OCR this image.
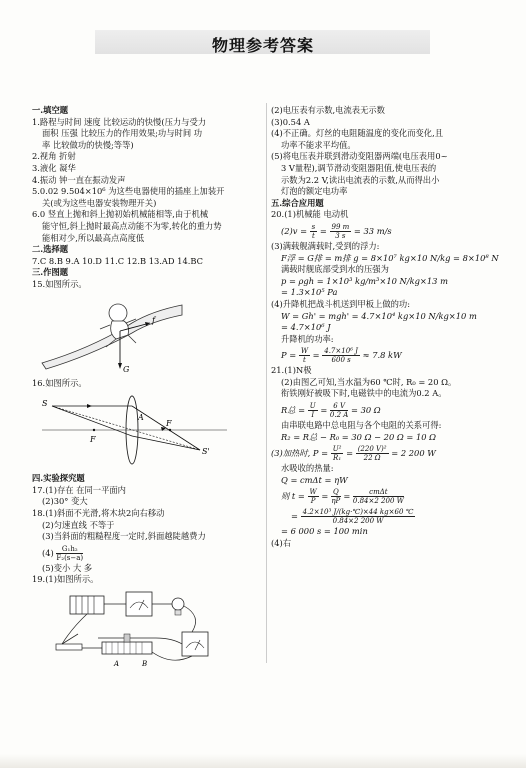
物理参考答案
一.填空题
1.路程与时间 速度 比较运动的快慢(压力与受力
面积 压强 比较压力的作用效果;功与时间 功
率 比较做功的快慢;等等)
2.视角 折射
3.液化 凝华
4.振动 钟一直在振动发声
5.0.02 9.504×10⁶ 为这些电器使用的插座上加装开
关(或为这些电器安装物理开关)
6.0 竖直上抛和斜上抛初始机械能相等,由于机械
能守恒,斜上抛时最高点动能不为零,转化的重力势
能相对少,所以最高点高度低
二.选择题
7.C 8.B 9.A 10.D 11.C 12.B 13.AD 14.BC
三.作图题
15.如图所示。
f
G
16.如图所示。
S
F
A
F
S'
四.实验探究题
17.(1)存在 在同一平面内
(2)30° 变大
18.(1)斜面不光滑,将木块2向右移动
(2)匀速直线 不等于
(3)当斜面的粗糙程度一定时,斜面越陡越费力
$(4) \frac{\text{G₁h₂}}{\text{F₂(s−a)}}$
(5)变小 大 多
19.(1)如图所示。
A	B
(2)电压表有示数,电流表无示数
(3)0.54 A
(4)不正确。灯丝的电阻随温度的变化而变化,且
功率不能求平均值。
(5)将电压表并联到滑动变阻器两端(电压表用0~
3 V量程),调节滑动变阻器阻值,使电压表的
示数为2.2 V,读出电流表的示数,从而得出小
灯泡的额定电功率
五.综合应用题
20.(1)机械能 电动机
$(2)v = \frac{s}{t} = \frac{99 m}{3 s} = 33$ m/s
(3)满载舰满载时,受到的浮力:
F浮 = G排 = m排 g = 8×10⁷ kg×10 N/kg = 8×10⁸ N
满载时舰底部受到水的压强为
p = ρgh = 1×10³ kg/m³×10 N/kg×13 m
= 1.3×10⁵ Pa
(4)升降机把战斗机送到甲板上做的功:
W = Gh' = mgh' = 4.7×10⁴ kg×10 N/kg×10 m
= 4.7×10⁶ J
升降机的功率:
$P = \frac{W}{t} = \frac{\text{4.7×10⁶ J}}{600 s} \approx 7.8$ kW
21.(1)N极
(2)由图乙可知,当水温为60 ℃时, R₀ = 20 Ω。
衔铁刚好被吸下时,电磁铁中的电流为0.2 A。
R总 = $\frac{U}{I} = \frac{6 V}{0.2 A} = 30$ Ω
由串联电路中总电阻与各个电阻的关系可得:
R₂ = R总 − R₀ = 30 Ω − 20 Ω = 10 Ω
(3)加热时, $P = \frac{\text{U²}}{\text{R₁}} = \frac{\text{(220 V)²}}{22 \Omega} = 2$ 200 W
水吸收的热量:
Q = cmΔt = ηW
则 $t = \frac{W}{P} = \frac{Q}{\eta P} = \frac{\text{cmΔt}}{0.84\times 2 200 W}$
= $\frac{\text{4.2×10³ J/(kg·℃)×44 kg×60 ℃}}{0.84\times 2 200 W}$
= 6 000 s = 100 min
(4)右
